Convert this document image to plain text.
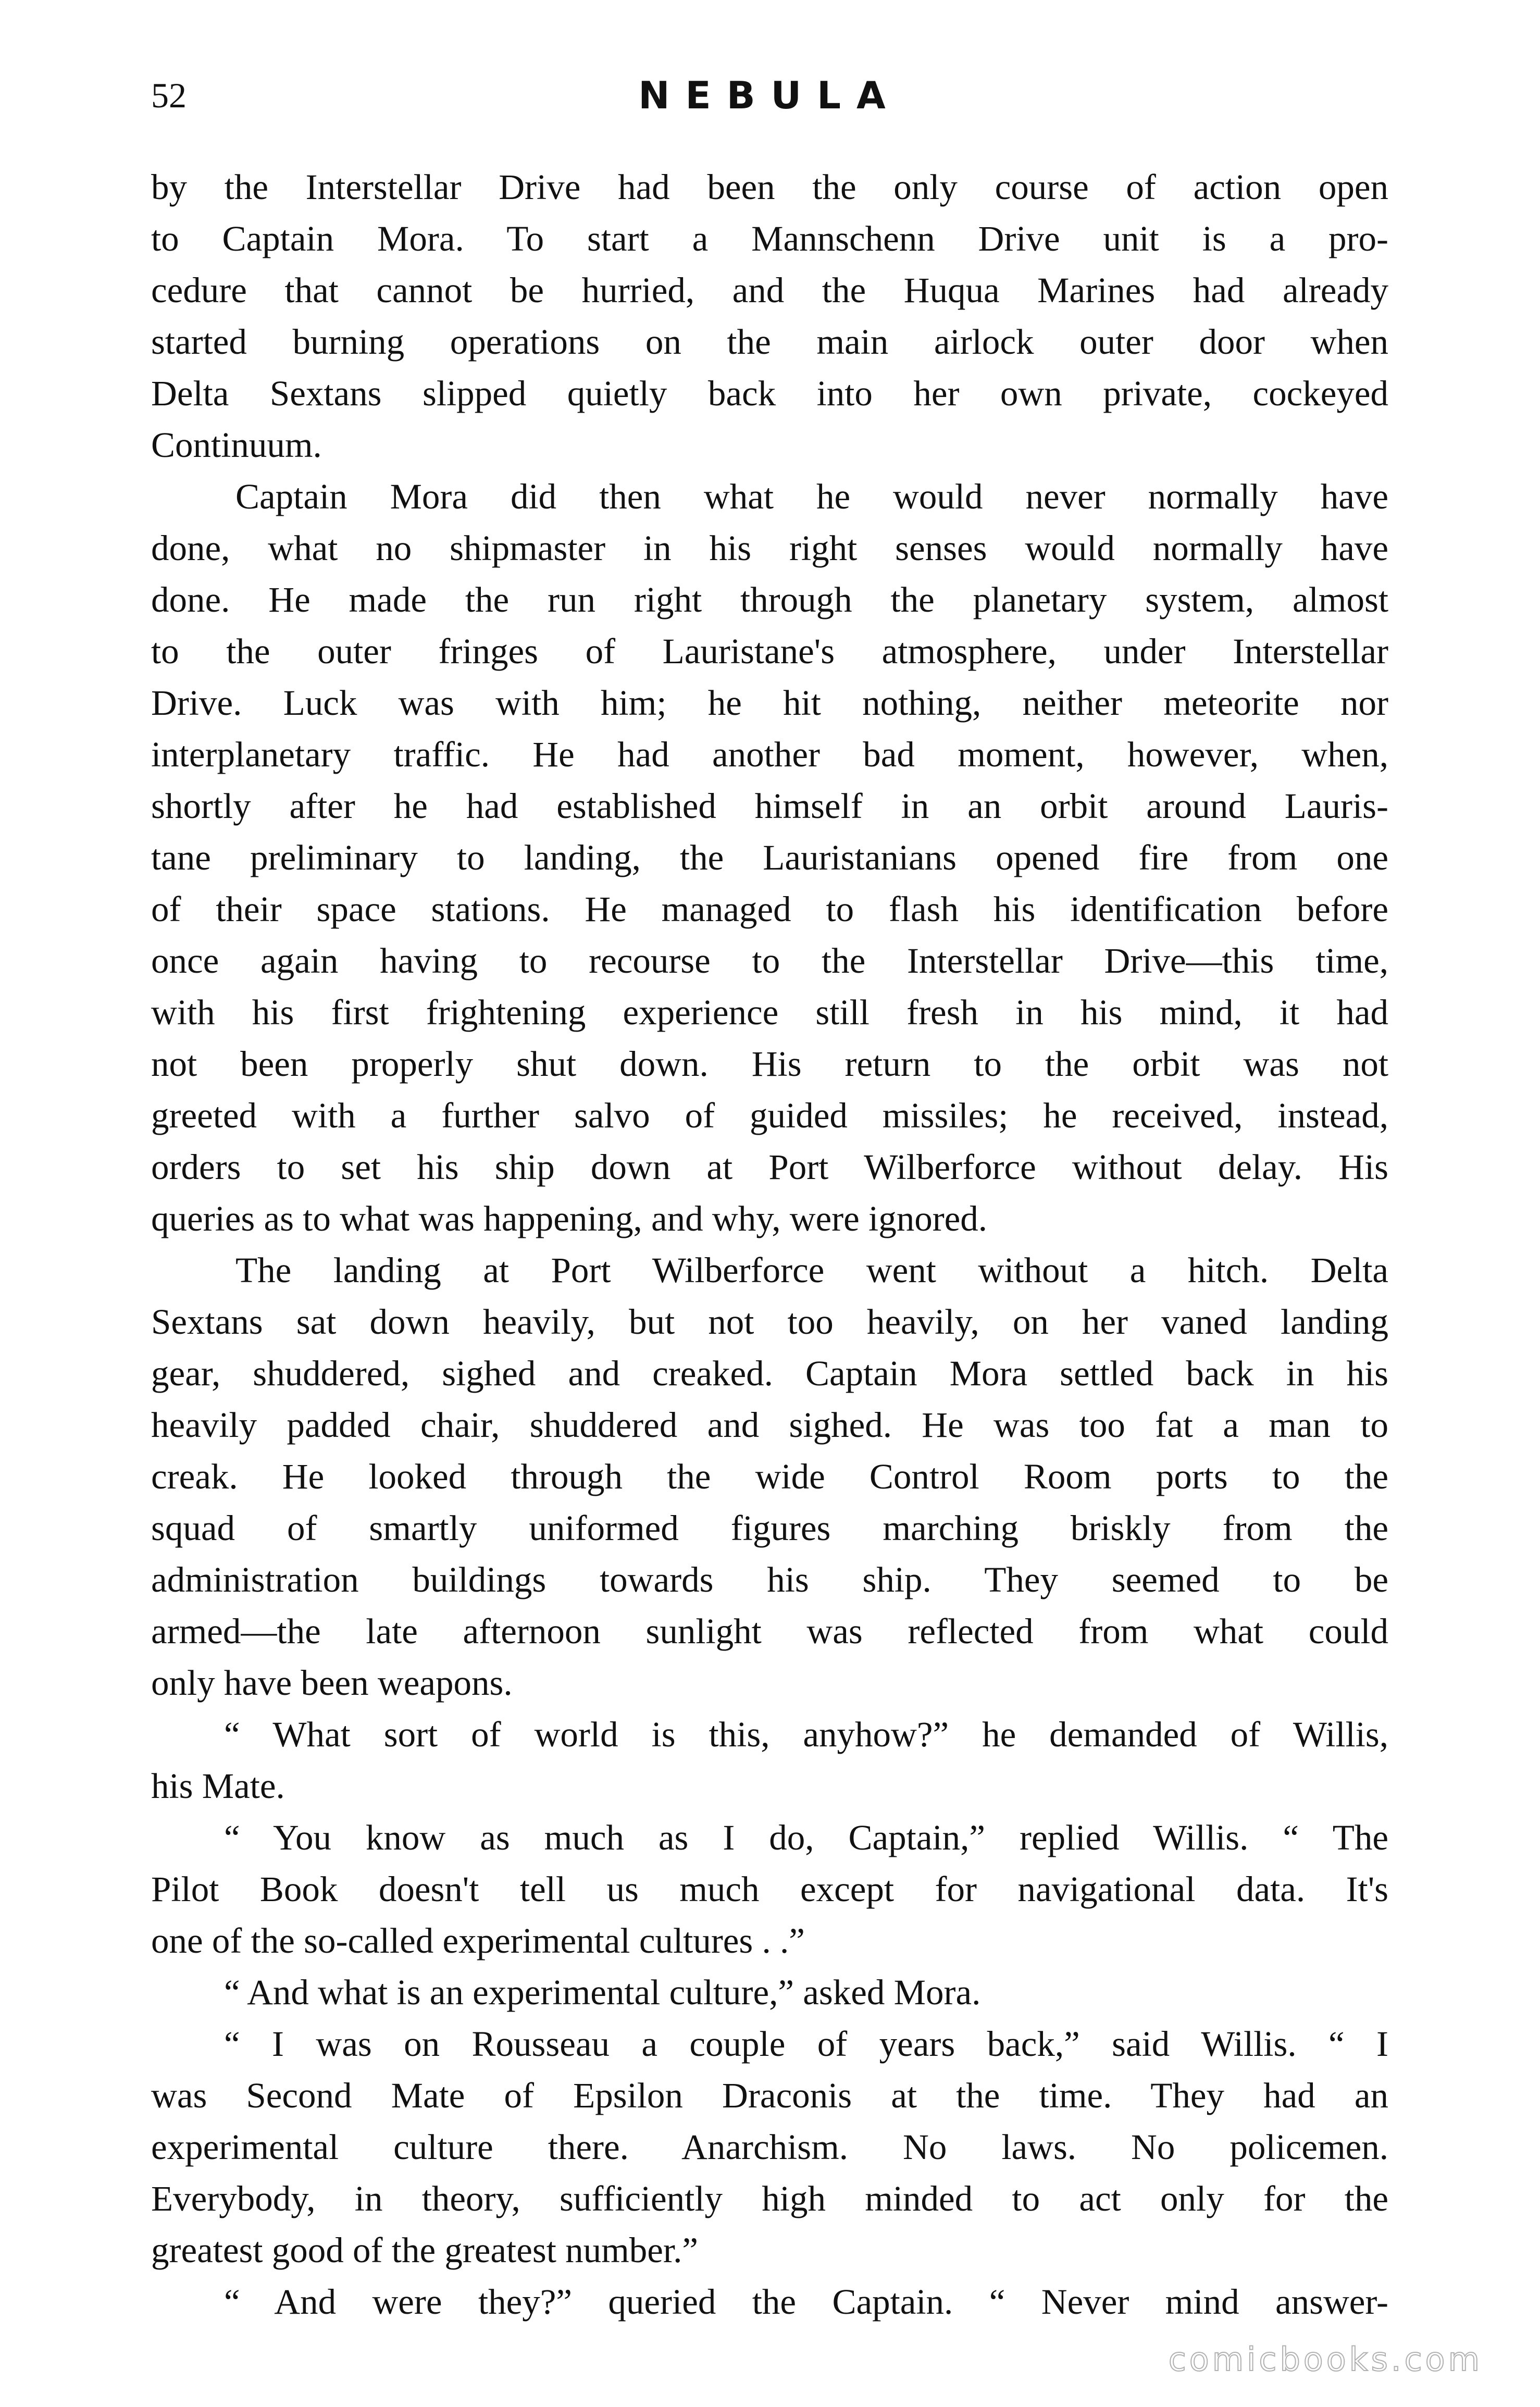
52	NEBULA
by the Interstellar Drive had been the only course of action open
to Captain Mora. To start a Mannschenn Drive unit is a pro-
cedure that cannot be hurried, and the Huqua Marines had already
started burning operations on the main airlock outer door when
Delta Sextans slipped quietly back into her own private, cockeyed
Continuum.
Captain Mora did then what he would never normally have
done, what no shipmaster in his right senses would normally have
done. He made the run right through the planetary system, almost
to the outer fringes of Lauristane's atmosphere, under Interstellar
Drive. Luck was with him; he hit nothing, neither meteorite nor
interplanetary traffic. He had another bad moment, however, when,
shortly after he had established himself in an orbit around Lauris-
tane preliminary to landing, the Lauristanians opened fire from one
of their space stations. He managed to flash his identification before
once again having to recourse to the Interstellar Drive—this time,
with his first frightening experience still fresh in his mind, it had
not been properly shut down. His return to the orbit was not
greeted with a further salvo of guided missiles; he received, instead,
orders to set his ship down at Port Wilberforce without delay. His
queries as to what was happening, and why, were ignored.
The landing at Port Wilberforce went without a hitch. Delta
Sextans sat down heavily, but not too heavily, on her vaned landing
gear, shuddered, sighed and creaked. Captain Mora settled back in his
heavily padded chair, shuddered and sighed. He was too fat a man to
creak. He looked through the wide Control Room ports to the
squad of smartly uniformed figures marching briskly from the
administration buildings towards his ship. They seemed to be
armed—the late afternoon sunlight was reflected from what could
only have been weapons.
“ What sort of world is this, anyhow?” he demanded of Willis,
his Mate.
“ You know as much as I do, Captain,” replied Willis. “ The
Pilot Book doesn't tell us much except for navigational data. It's
one of the so-called experimental cultures . .”
“ And what is an experimental culture,” asked Mora.
“ I was on Rousseau a couple of years back,” said Willis. “ I
was Second Mate of Epsilon Draconis at the time. They had an
experimental culture there. Anarchism. No laws. No policemen.
Everybody, in theory, sufficiently high minded to act only for the
greatest good of the greatest number.”
“ And were they?” queried the Captain. “ Never mind answer-
comicbooks.com
